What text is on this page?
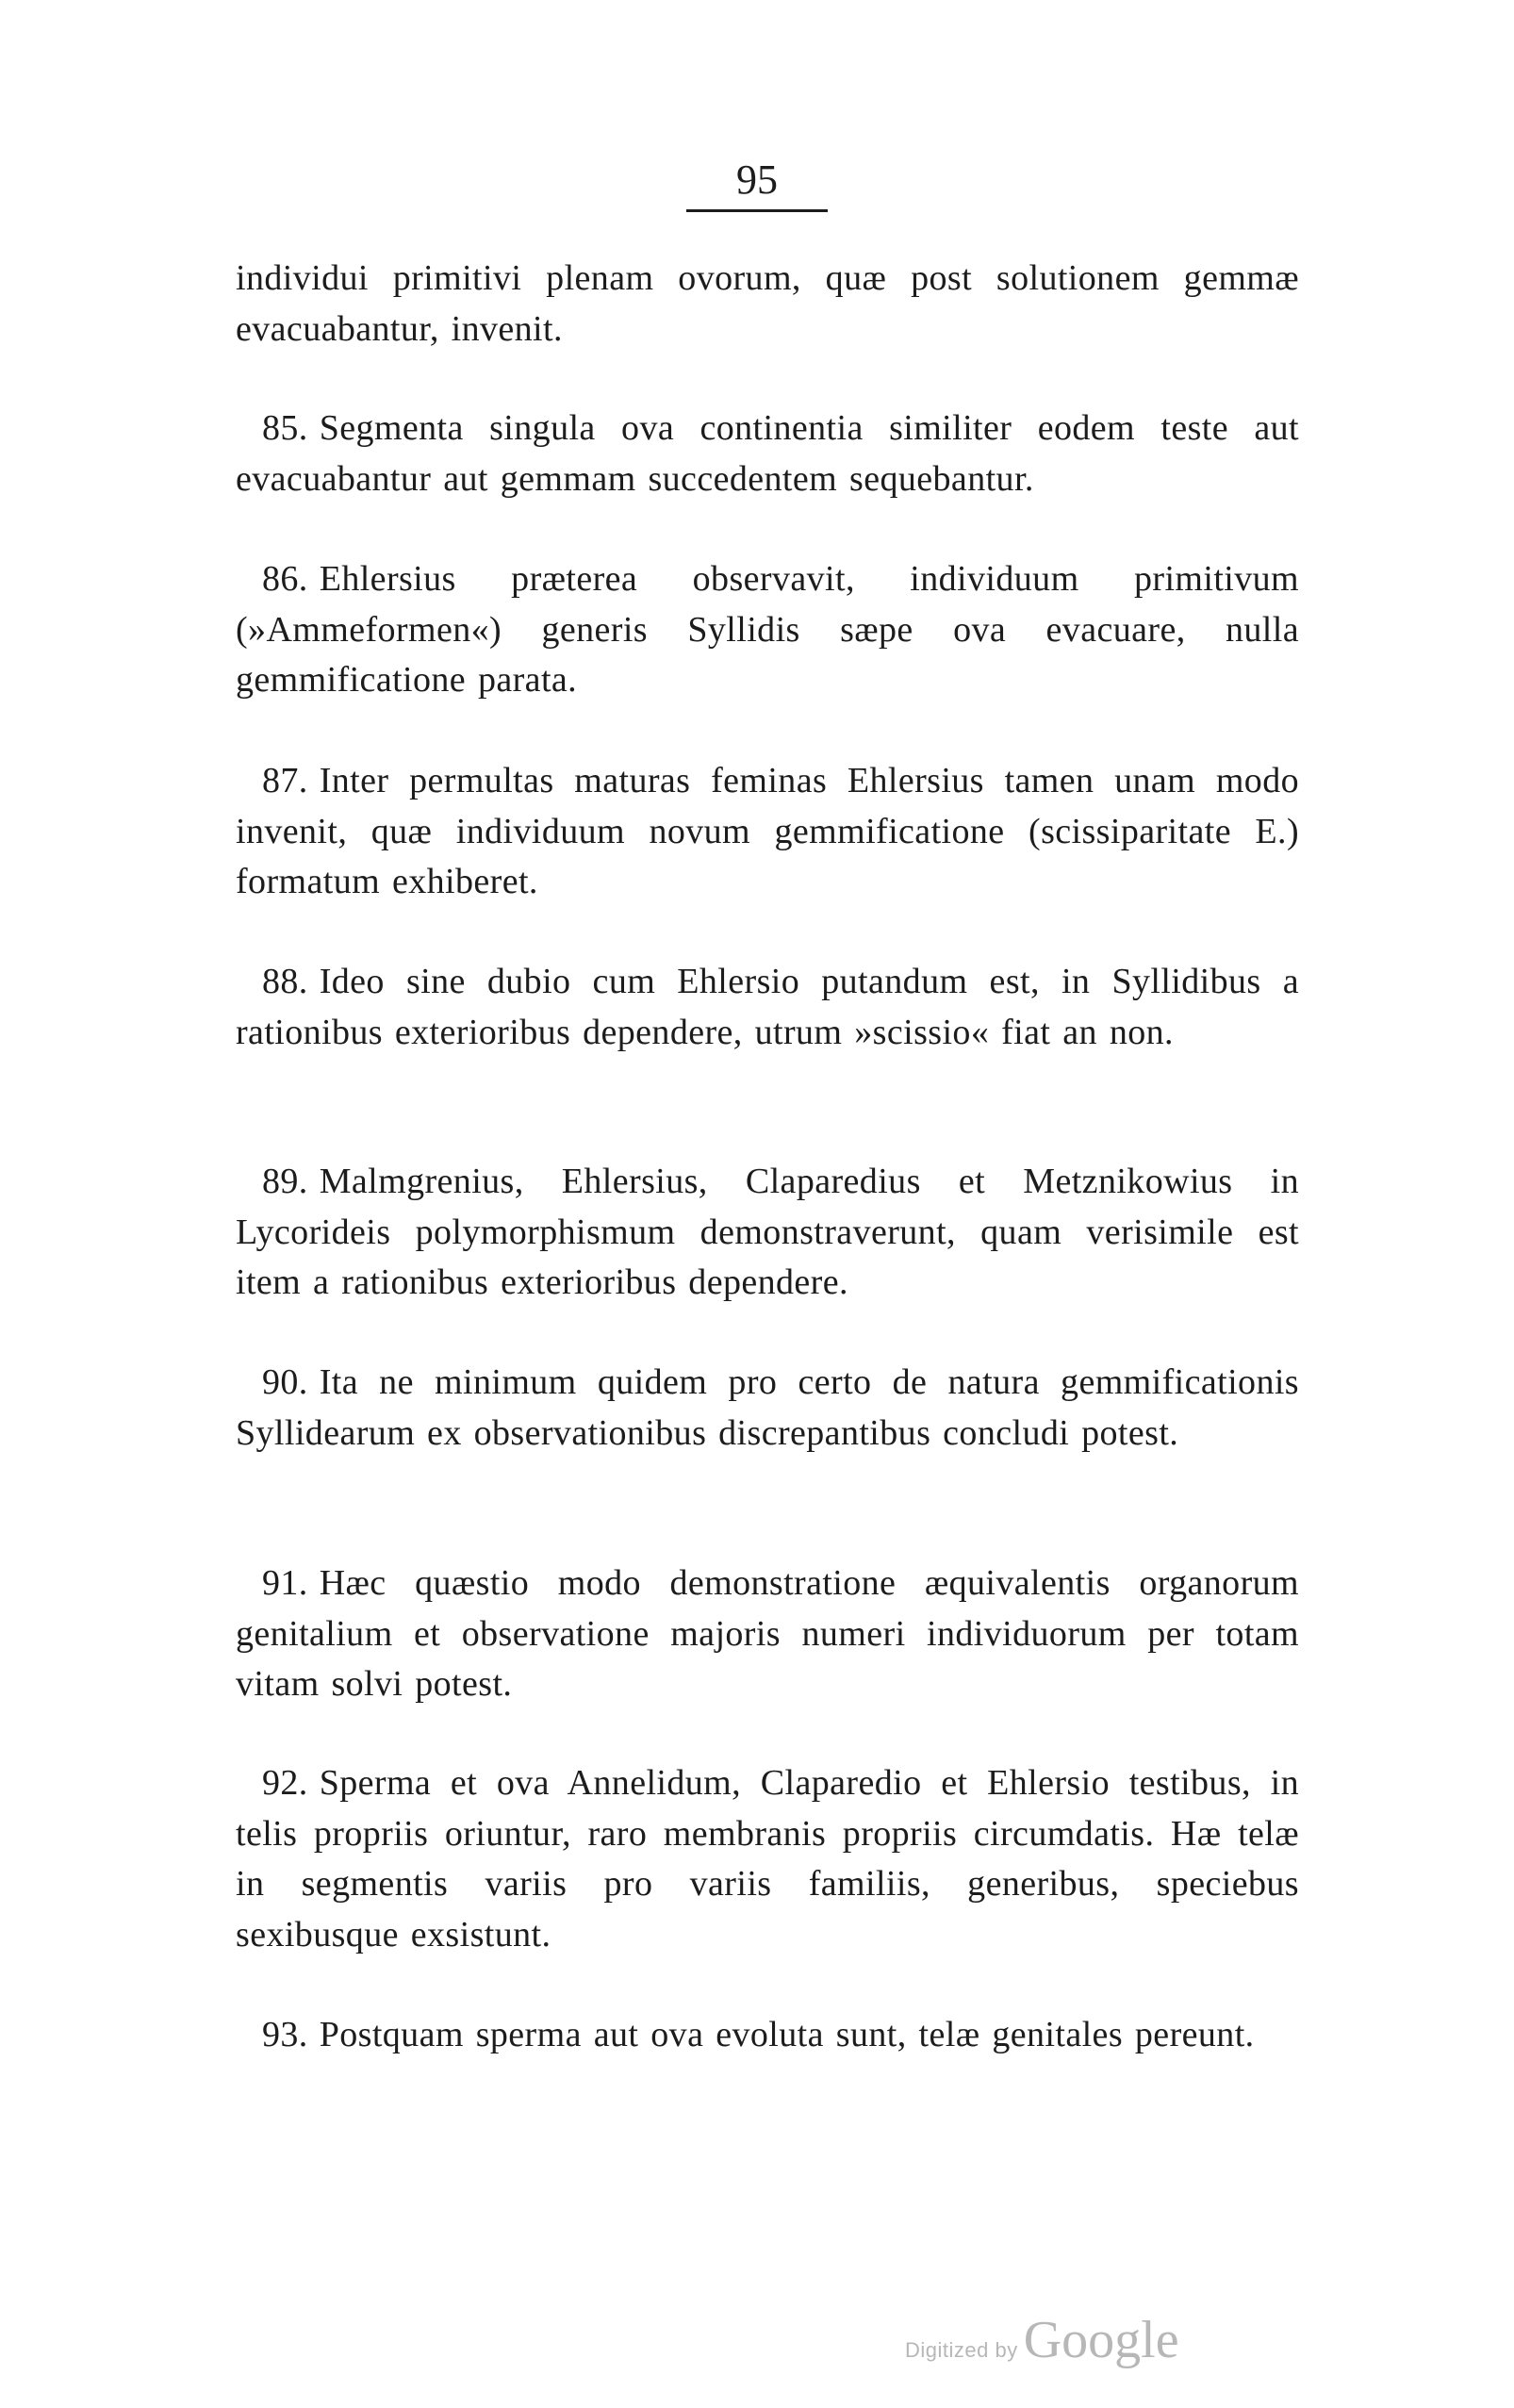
95

individui primitivi plenam ovorum, quæ post solutionem gemmæ evacuabantur, invenit.

85. Segmenta singula ova continentia similiter eodem teste aut evacuabantur aut gemmam succedentem sequebantur.

86. Ehlersius præterea observavit, individuum primitivum (»Ammeformen«) generis Syllidis sæpe ova evacuare, nulla gemmificatione parata.

87. Inter permultas maturas feminas Ehlersius tamen unam modo invenit, quæ individuum novum gemmificatione (scissiparitate E.) formatum exhiberet.

88. Ideo sine dubio cum Ehlersio putandum est, in Syllidibus a rationibus exterioribus dependere, utrum »scissio« fiat an non.

89. Malmgrenius, Ehlersius, Claparedius et Metznikowius in Lycorideis polymorphismum demonstraverunt, quam verisimile est item a rationibus exterioribus dependere.

90. Ita ne minimum quidem pro certo de natura gemmificationis Syllidearum ex observationibus discrepantibus concludi potest.

91. Hæc quæstio modo demonstratione æquivalentis organorum genitalium et observatione majoris numeri individuorum per totam vitam solvi potest.

92. Sperma et ova Annelidum, Claparedio et Ehlersio testibus, in telis propriis oriuntur, raro membranis propriis circumdatis. Hæ telæ in segmentis variis pro variis familiis, generibus, speciebus sexibusque exsistunt.

93. Postquam sperma aut ova evoluta sunt, telæ genitales pereunt.

Digitized by Google
